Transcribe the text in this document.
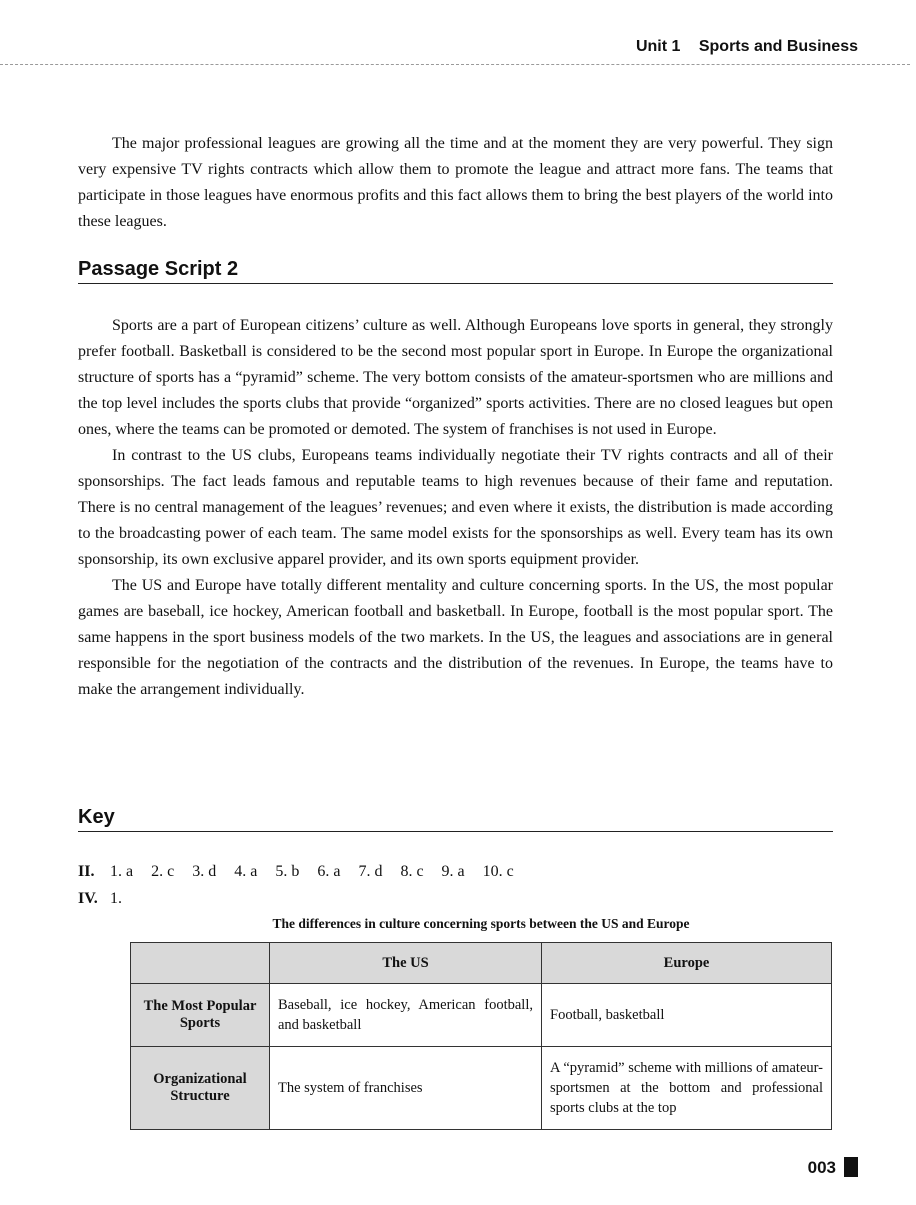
Unit 1 Sports and Business

The major professional leagues are growing all the time and at the moment they are very powerful. They sign very expensive TV rights contracts which allow them to promote the league and attract more fans. The teams that participate in those leagues have enormous profits and this fact allows them to bring the best players of the world into these leagues.

Passage Script 2

Sports are a part of European citizens’ culture as well. Although Europeans love sports in general, they strongly prefer football. Basketball is considered to be the second most popular sport in Europe. In Europe the organizational structure of sports has a “pyramid” scheme. The very bottom consists of the amateur-sportsmen who are millions and the top level includes the sports clubs that provide “organized” sports activities. There are no closed leagues but open ones, where the teams can be promoted or demoted. The system of franchises is not used in Europe.

In contrast to the US clubs, Europeans teams individually negotiate their TV rights contracts and all of their sponsorships. The fact leads famous and reputable teams to high revenues because of their fame and reputation. There is no central management of the leagues’ revenues; and even where it exists, the distribution is made according to the broadcasting power of each team. The same model exists for the sponsorships as well. Every team has its own sponsorship, its own exclusive apparel provider, and its own sports equipment provider.

The US and Europe have totally different mentality and culture concerning sports. In the US, the most popular games are baseball, ice hockey, American football and basketball. In Europe, football is the most popular sport. The same happens in the sport business models of the two markets. In the US, the leagues and associations are in general responsible for the negotiation of the contracts and the distribution of the revenues. In Europe, the teams have to make the arrangement individually.

Key
II. 1. a 2. c 3. d 4. a 5. b 6. a 7. d 8. c 9. a 10. c
IV. 1.
The differences in culture concerning sports between the US and Europe
	The US	Europe
The Most Popular Sports	Baseball, ice hockey, American football, and basketball	Football, basketball
Organizational Structure	The system of franchises	A “pyramid” scheme with millions of amateur-sportsmen at the bottom and professional sports clubs at the top
003
